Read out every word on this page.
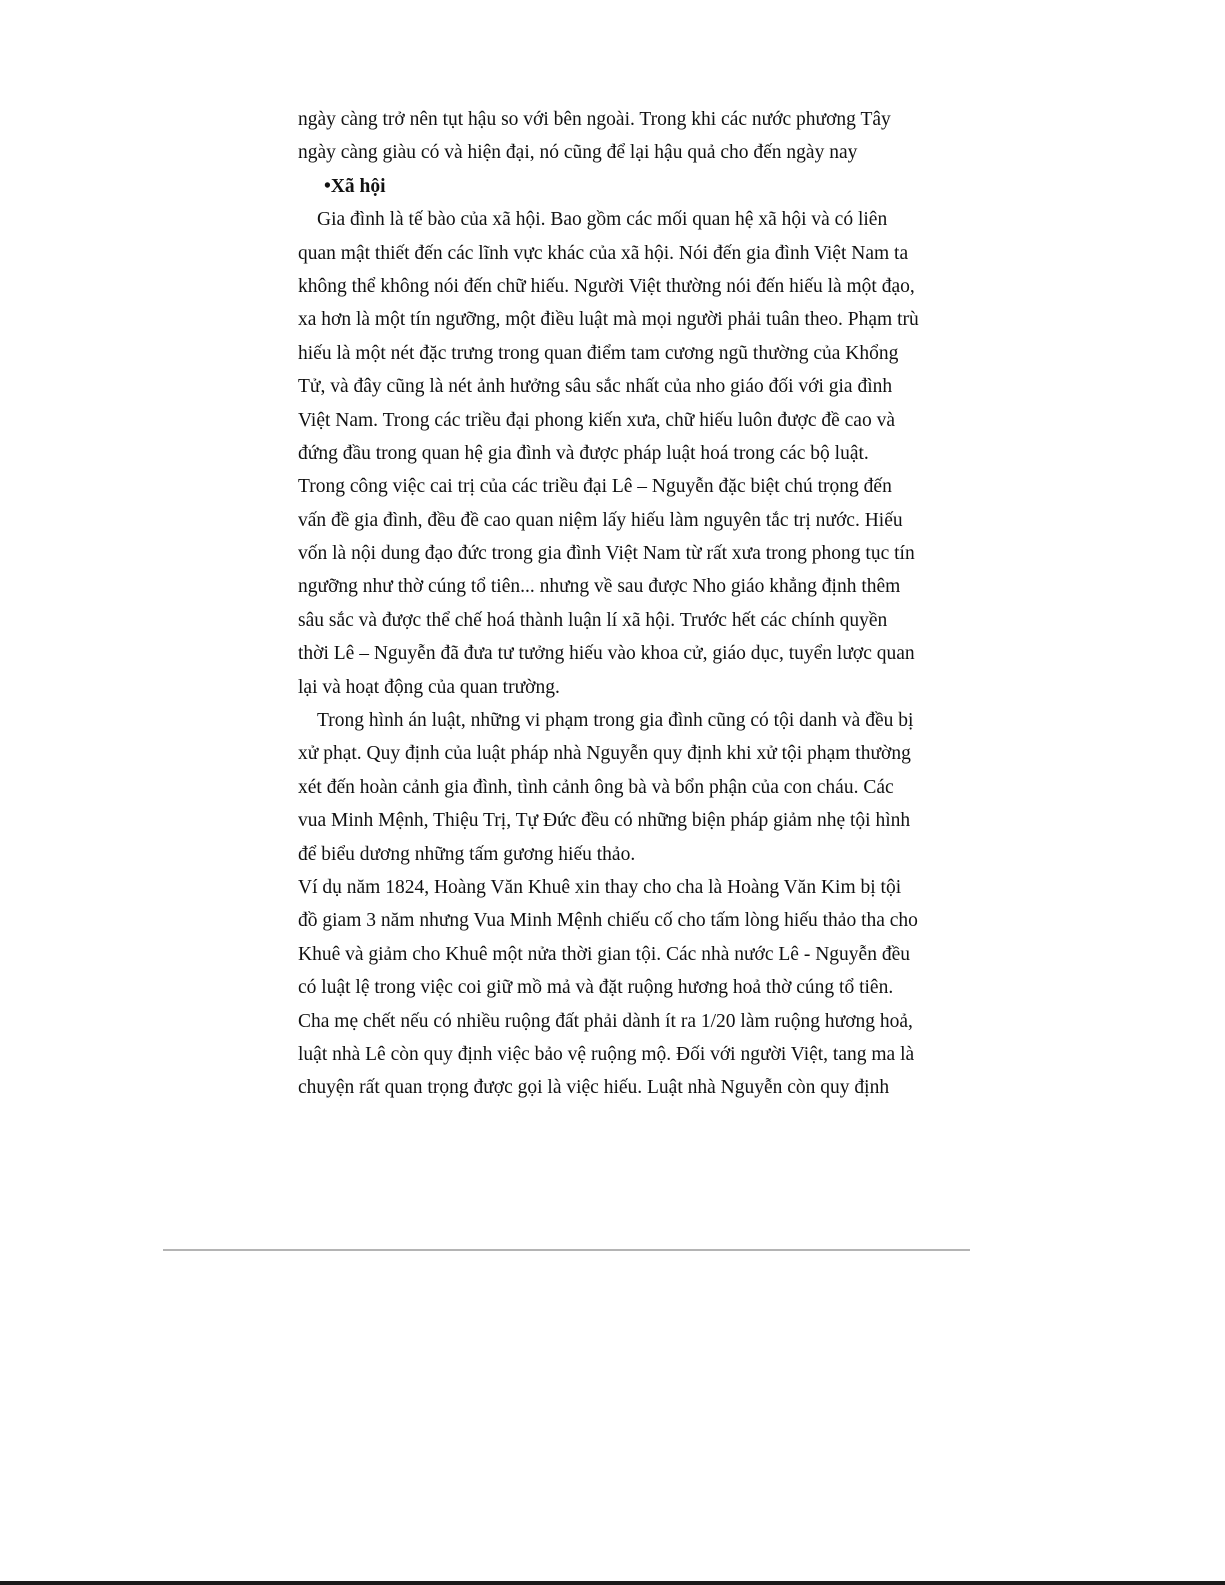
ngày càng trở nên tụt hậu so với bên ngoài. Trong khi các nước phương Tây
ngày càng giàu có và hiện đại, nó cũng để lại hậu quả cho đến ngày nay
•Xã hội
Gia đình là tế bào của xã hội. Bao gồm các mối quan hệ xã hội và có liên
quan mật thiết đến các lĩnh vực khác của xã hội. Nói đến gia đình Việt Nam ta
không thể không nói đến chữ hiếu. Người Việt thường nói đến hiếu là một đạo,
xa hơn là một tín ngưỡng, một điều luật mà mọi người phải tuân theo. Phạm trù
hiếu là một nét đặc trưng trong quan điểm tam cương ngũ thường của Khổng
Tử, và đây cũng là nét ảnh hưởng sâu sắc nhất của nho giáo đối với gia đình
Việt Nam. Trong các triều đại phong kiến xưa, chữ hiếu luôn được đề cao và
đứng đầu trong quan hệ gia đình và được pháp luật hoá trong các bộ luật.
Trong công việc cai trị của các triều đại Lê – Nguyễn đặc biệt chú trọng đến
vấn đề gia đình, đều đề cao quan niệm lấy hiếu làm nguyên tắc trị nước. Hiếu
vốn là nội dung đạo đức trong gia đình Việt Nam từ rất xưa trong phong tục tín
ngưỡng như thờ cúng tổ tiên... nhưng về sau được Nho giáo khẳng định thêm
sâu sắc và được thể chế hoá thành luận lí xã hội. Trước hết các chính quyền
thời Lê – Nguyễn đã đưa tư tưởng hiếu vào khoa cử, giáo dục, tuyển lược quan
lại và hoạt động của quan trường.
Trong hình án luật, những vi phạm trong gia đình cũng có tội danh và đều bị
xử phạt. Quy định của luật pháp nhà Nguyễn quy định khi xử tội phạm thường
xét đến hoàn cảnh gia đình, tình cảnh ông bà và bổn phận của con cháu. Các
vua Minh Mệnh, Thiệu Trị, Tự Đức đều có những biện pháp giảm nhẹ tội hình
để biểu dương những tấm gương hiếu thảo.
Ví dụ năm 1824, Hoàng Văn Khuê xin thay cho cha là Hoàng Văn Kim bị tội
đồ giam 3 năm nhưng Vua Minh Mệnh chiếu cố cho tấm lòng hiếu thảo tha cho
Khuê và giảm cho Khuê một nửa thời gian tội. Các nhà nước Lê - Nguyễn đều
có luật lệ trong việc coi giữ mồ mả và đặt ruộng hương hoả thờ cúng tổ tiên.
Cha mẹ chết nếu có nhiều ruộng đất phải dành ít ra 1/20 làm ruộng hương hoả,
luật nhà Lê còn quy định việc bảo vệ ruộng mộ. Đối với người Việt, tang ma là
chuyện rất quan trọng được gọi là việc hiếu. Luật nhà Nguyễn còn quy định
